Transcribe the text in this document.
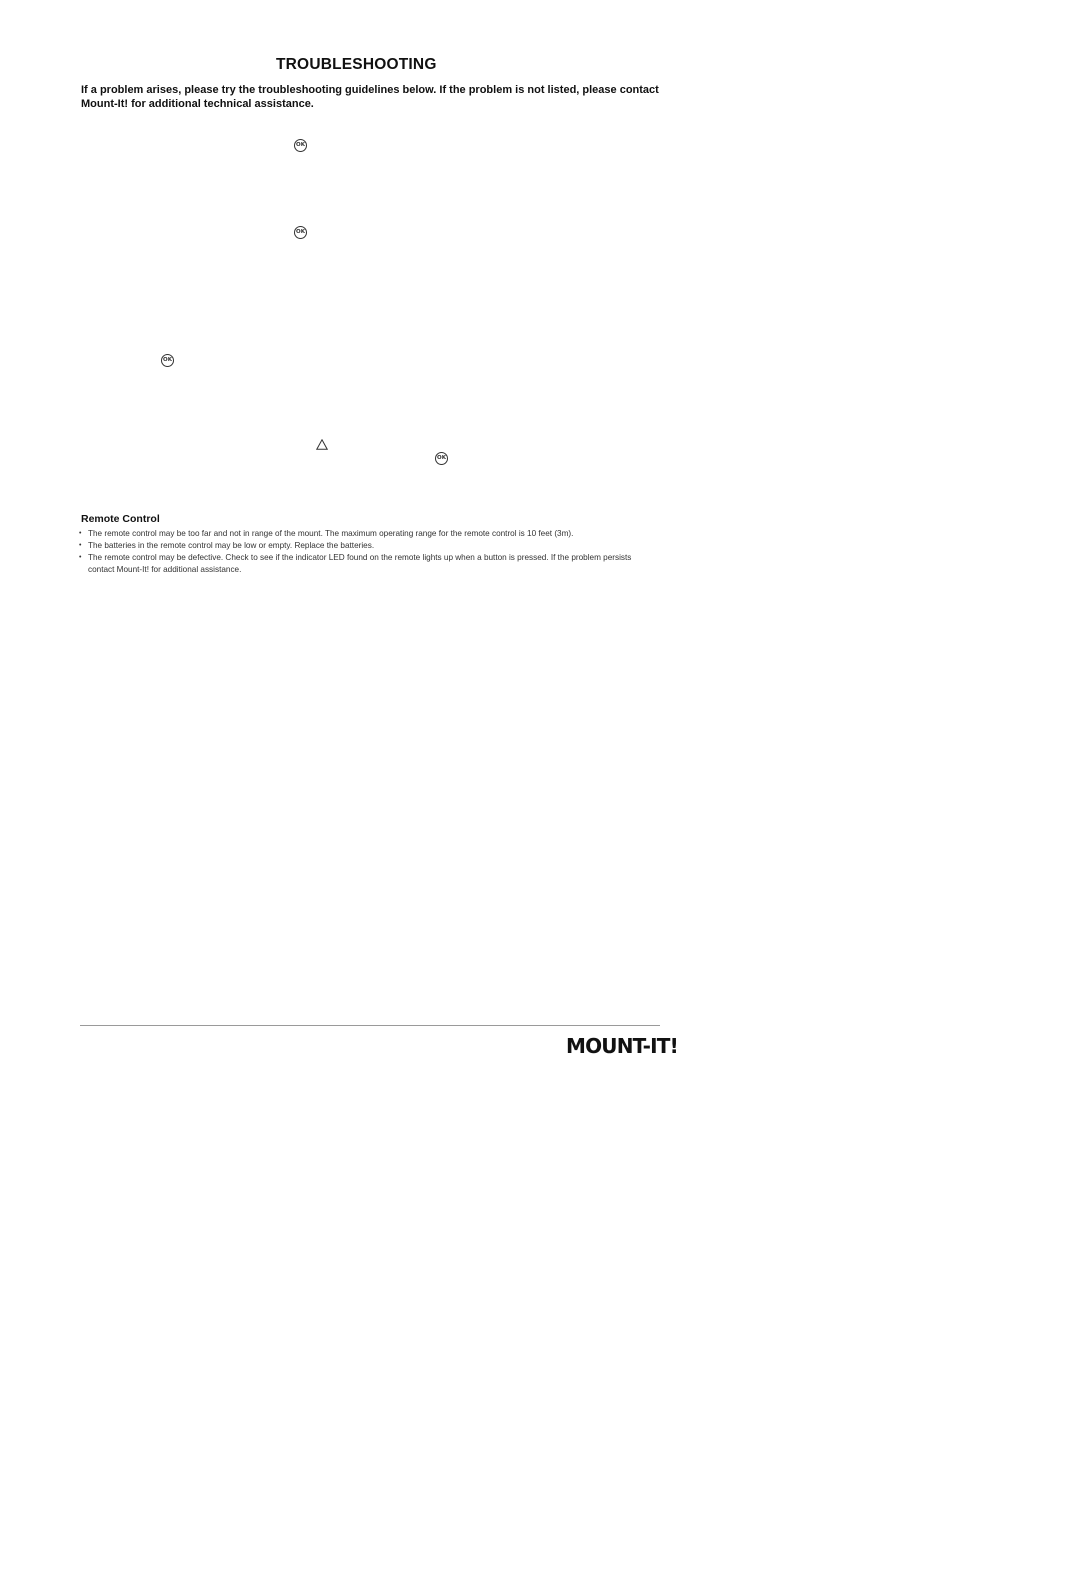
TROUBLESHOOTING
If a problem arises, please try the troubleshooting guidelines below. If the problem is not listed, please contact Mount-It! for additional technical assistance.
OK
OK
OK
OK
Remote Control
• The remote control may be too far and not in range of the mount. The maximum operating range for the remote control is 10 feet (3m).
• The batteries in the remote control may be low or empty. Replace the batteries.
• The remote control may be defective. Check to see if the indicator LED found on the remote lights up when a button is pressed. If the problem persists contact Mount-It! for additional assistance.
MOUNT-IT!
